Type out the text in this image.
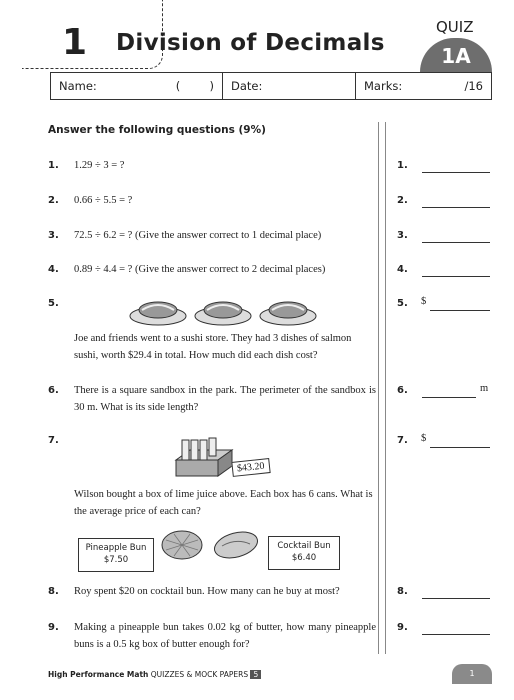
1 Division of Decimals
QUIZ
1A
Name:	(        ) Date:	Marks:	/16
Answer the following questions (9%)
1. 1.29 ÷ 3 = ?	1.
2. 0.66 ÷ 5.5 = ?	2.
3. 72.5 ÷ 6.2 = ? (Give the answer correct to 1 decimal place)	3.
4. 0.89 ÷ 4.4 = ? (Give the answer correct to 2 decimal places)	4.
5.
Joe and friends went to a sushi store. They had 3 dishes of salmon sushi, worth $29.4 in total. How much did each dish cost?
5. $
6. There is a square sandbox in the park. The perimeter of the sandbox is 30 m. What is its side length?
6.	m
7.
$43.20
Wilson bought a box of lime juice above. Each box has 6 cans. What is the average price of each can?
7. $
Pineapple Bun
$7.50
Cocktail Bun
$6.40
8. Roy spent $20 on cocktail bun. How many can he buy at most?	8.
9. Making a pineapple bun takes 0.02 kg of butter, how many pineapple buns is a 0.5 kg box of butter enough for?
9.
High Performance Math QUIZZES & MOCK PAPERS 5	1
